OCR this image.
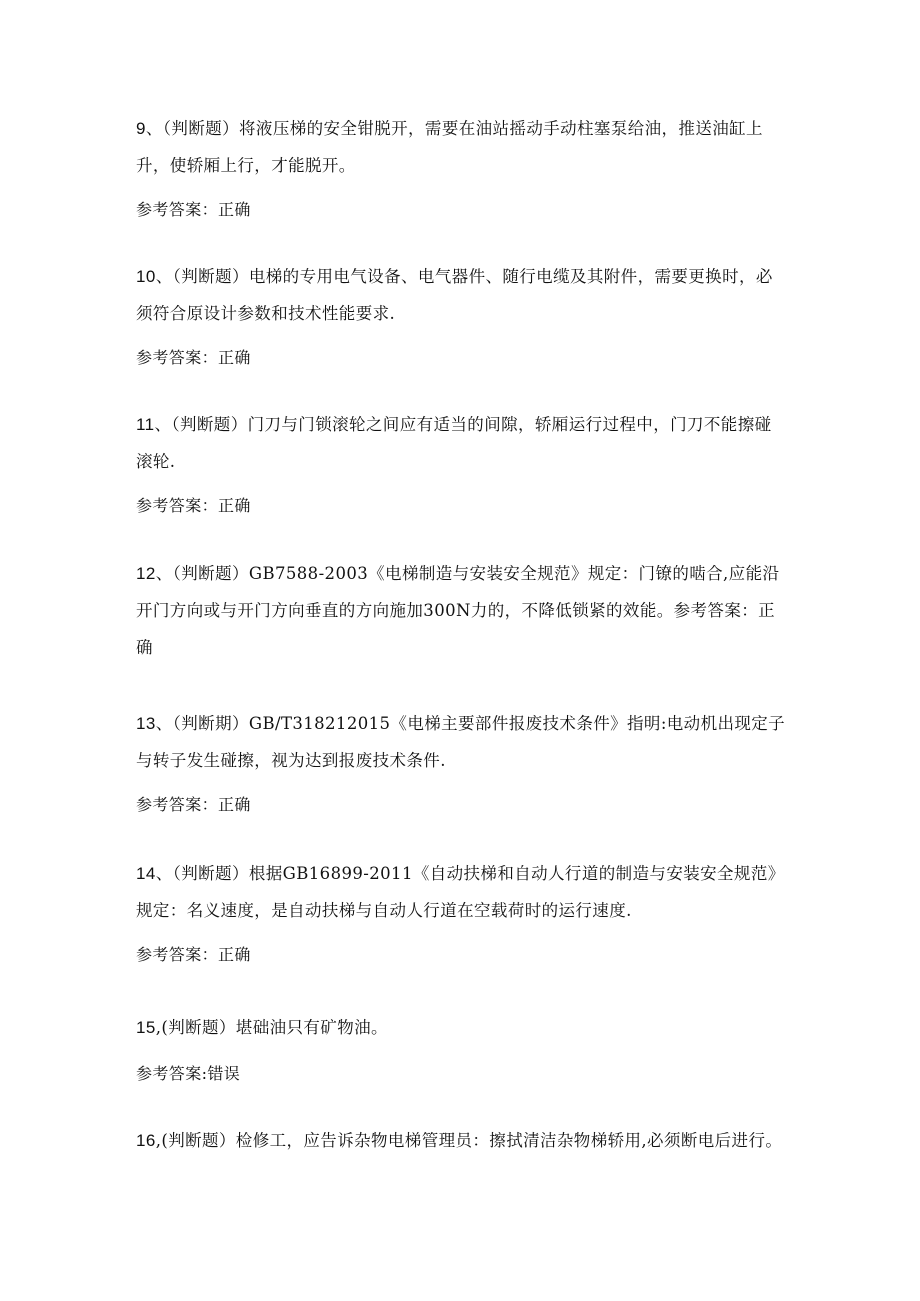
9、（判断题）将液压梯的安全钳脱开，需要在油站摇动手动柱塞泵给油，推送油缸上升，使轿厢上行，才能脱开。

参考答案：正确

10、（判断题）电梯的专用电气设备、电气器件、随行电缆及其附件，需要更换时，必须符合原设计参数和技术性能要求.

参考答案：正确

11、（判断题）门刀与门锁滚轮之间应有适当的间隙，轿厢运行过程中，门刀不能擦碰滚轮.

参考答案：正确

12、（判断题）GB7588-2003《电梯制造与安装安全规范》规定：门镣的啮合,应能沿开门方向或与开门方向垂直的方向施加300N力的，不降低锁紧的效能。参考答案：正确

13、（判断期）GB/T318212015《电梯主要部件报废技术条件》指明:电动机出现定子与转子发生碰擦，视为达到报废技术条件.

参考答案：正确

14、（判断题）根据GB16899-2011《自动扶梯和自动人行道的制造与安装安全规范》规定：名义速度，是自动扶梯与自动人行道在空载荷时的运行速度.

参考答案：正确

15,(判断题）堪础油只有矿物油。

参考答案:错误

16,(判断题）检修工，应告诉杂物电梯管理员：擦拭清洁杂物梯轿用,必须断电后进行。
